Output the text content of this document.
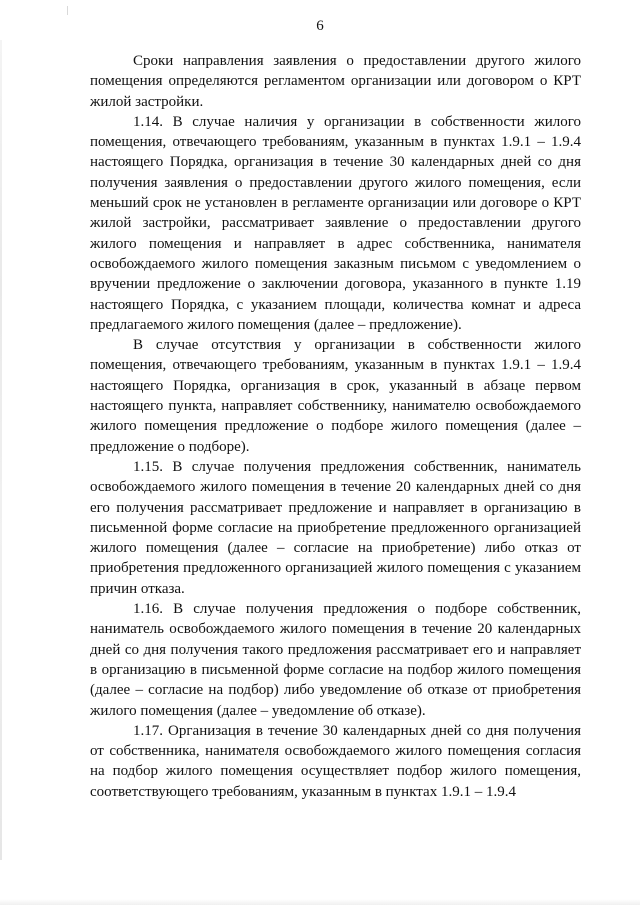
6

Сроки направления заявления о предоставлении другого жилого помещения определяются регламентом организации или договором о КРТ жилой застройки.

1.14. В случае наличия у организации в собственности жилого помещения, отвечающего требованиям, указанным в пунктах 1.9.1 – 1.9.4 настоящего Порядка, организация в течение 30 календарных дней со дня получения заявления о предоставлении другого жилого помещения, если меньший срок не установлен в регламенте организации или договоре о КРТ жилой застройки, рассматривает заявление о предоставлении другого жилого помещения и направляет в адрес собственника, нанимателя освобождаемого жилого помещения заказным письмом с уведомлением о вручении предложение о заключении договора, указанного в пункте 1.19 настоящего Порядка, с указанием площади, количества комнат и адреса предлагаемого жилого помещения (далее – предложение).

В случае отсутствия у организации в собственности жилого помещения, отвечающего требованиям, указанным в пунктах 1.9.1 – 1.9.4 настоящего Порядка, организация в срок, указанный в абзаце первом настоящего пункта, направляет собственнику, нанимателю освобождаемого жилого помещения предложение о подборе жилого помещения (далее – предложение о подборе).

1.15. В случае получения предложения собственник, наниматель освобождаемого жилого помещения в течение 20 календарных дней со дня его получения рассматривает предложение и направляет в организацию в письменной форме согласие на приобретение предложенного организацией жилого помещения (далее – согласие на приобретение) либо отказ от приобретения предложенного организацией жилого помещения с указанием причин отказа.

1.16. В случае получения предложения о подборе собственник, наниматель освобождаемого жилого помещения в течение 20 календарных дней со дня получения такого предложения рассматривает его и направляет в организацию в письменной форме согласие на подбор жилого помещения (далее – согласие на подбор) либо уведомление об отказе от приобретения жилого помещения (далее – уведомление об отказе).

1.17. Организация в течение 30 календарных дней со дня получения от собственника, нанимателя освобождаемого жилого помещения согласия на подбор жилого помещения осуществляет подбор жилого помещения, соответствующего требованиям, указанным в пунктах 1.9.1 – 1.9.4
